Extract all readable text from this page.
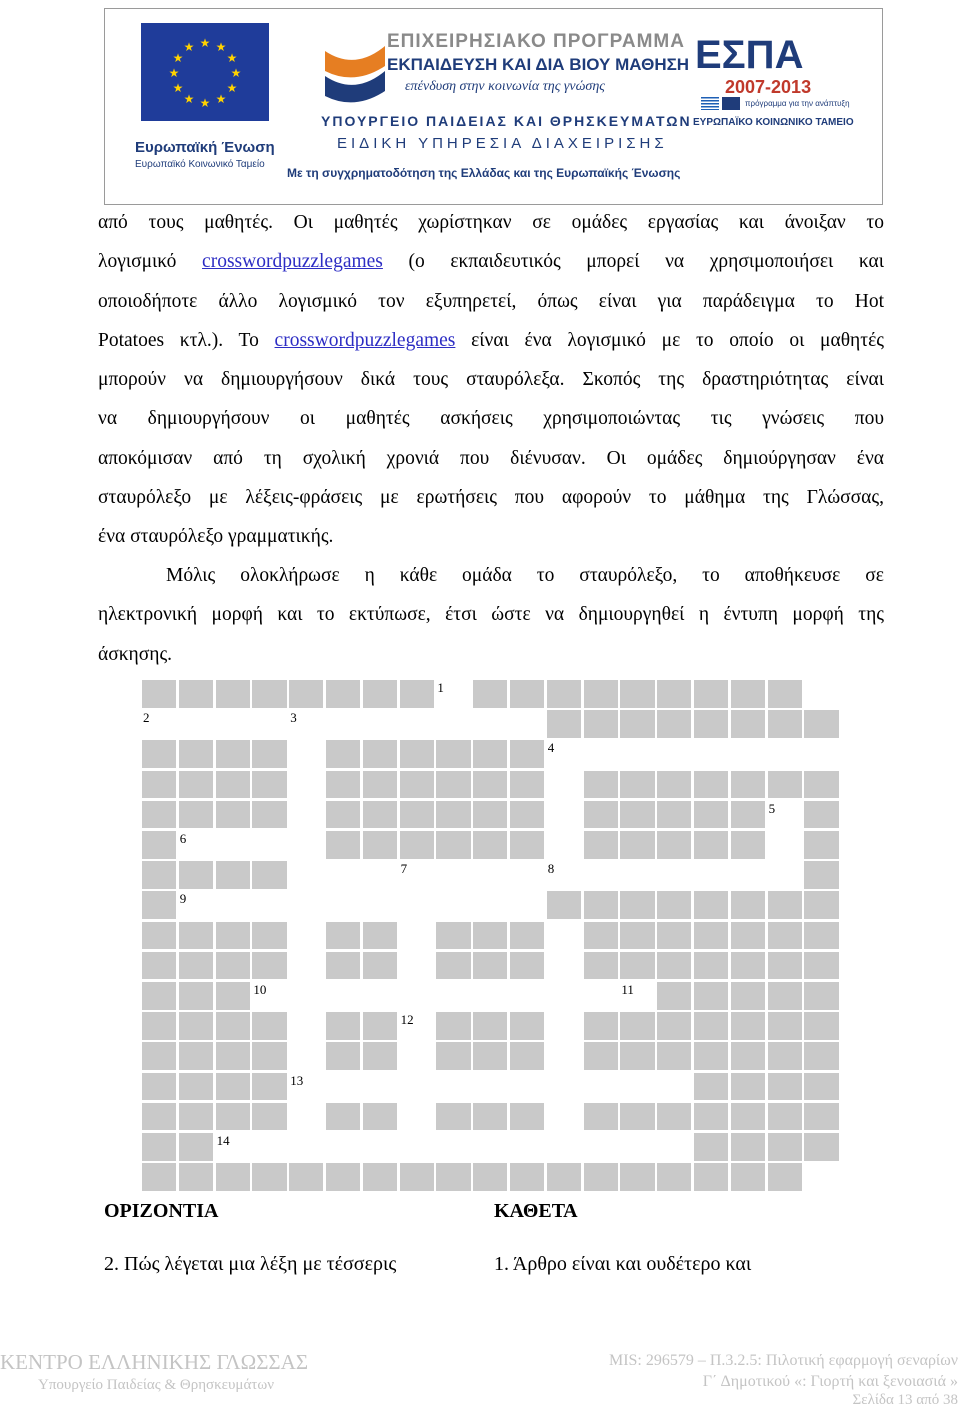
★ ★
★
★
★
★
★
★
★
★
★
★
Ευρωπαϊκή Ένωση
Ευρωπαϊκό Κοινωνικό Ταμείο
ΕΠΙΧΕΙΡΗΣΙΑΚΟ ΠΡΟΓΡΑΜΜΑ
ΕΚΠΑΙΔΕΥΣΗ ΚΑΙ ΔΙΑ ΒΙΟΥ ΜΑΘΗΣΗ
επένδυση στην κοινωνία της γνώσης
ΥΠΟΥΡΓΕΙΟ ΠΑΙΔΕΙΑΣ ΚΑΙ ΘΡΗΣΚΕΥΜΑΤΩΝ
ΕΙΔΙΚΗ ΥΠΗΡΕΣΙΑ ΔΙΑΧΕΙΡΙΣΗΣ
Με τη συγχρηματοδότηση της Ελλάδας και της Ευρωπαϊκής Ένωσης
ΕΣΠΑ
2007-2013
πρόγραμμα για την ανάπτυξη
ΕΥΡΩΠΑΪΚΟ ΚΟΙΝΩΝΙΚΟ ΤΑΜΕΙΟ
από τους μαθητές. Οι μαθητές χωρίστηκαν σε ομάδες εργασίας και άνοιξαν το
λογισμικό crosswordpuzzlegames (ο εκπαιδευτικός μπορεί να χρησιμοποιήσει και
οποιοδήποτε άλλο λογισμικό τον εξυπηρετεί, όπως είναι για παράδειγμα το Hot
Potatoes κτλ.). Το crosswordpuzzlegames είναι ένα λογισμικό με το οποίο οι μαθητές
μπορούν να δημιουργήσουν δικά τους σταυρόλεξα. Σκοπός της δραστηριότητας είναι
να δημιουργήσουν οι μαθητές ασκήσεις χρησιμοποιώντας τις γνώσεις που
αποκόμισαν από τη σχολική χρονιά που διένυσαν. Οι ομάδες δημιούργησαν ένα
σταυρόλεξο με λέξεις-φράσεις με ερωτήσεις που αφορούν το μάθημα της Γλώσσας,
ένα σταυρόλεξο γραμματικής.
Μόλις ολοκλήρωσε η κάθε ομάδα το σταυρόλεξο, το αποθήκευσε σε
ηλεκτρονική μορφή και το εκτύπωσε, έτσι ώστε να δημιουργηθεί η έντυπη μορφή της
άσκησης.
1
2	3
4
5
6
7	8
9
10	11
12
13
14
ΟΡΙΖΟΝΤΙΑ	ΚΑΘΕΤΑ
2. Πώς λέγεται μια λέξη με τέσσερις	1. Άρθρο είναι και ουδέτερο και
ΚΕΝΤΡΟ ΕΛΛΗΝΙΚΗΣ ΓΛΩΣΣΑΣ
Υπουργείο Παιδείας & Θρησκευμάτων
MIS: 296579 – Π.3.2.5: Πιλοτική εφαρμογή σεναρίων
Γ΄ Δημοτικού «: Γιορτή και ξενοιασιά »
Σελίδα 13 από 38
